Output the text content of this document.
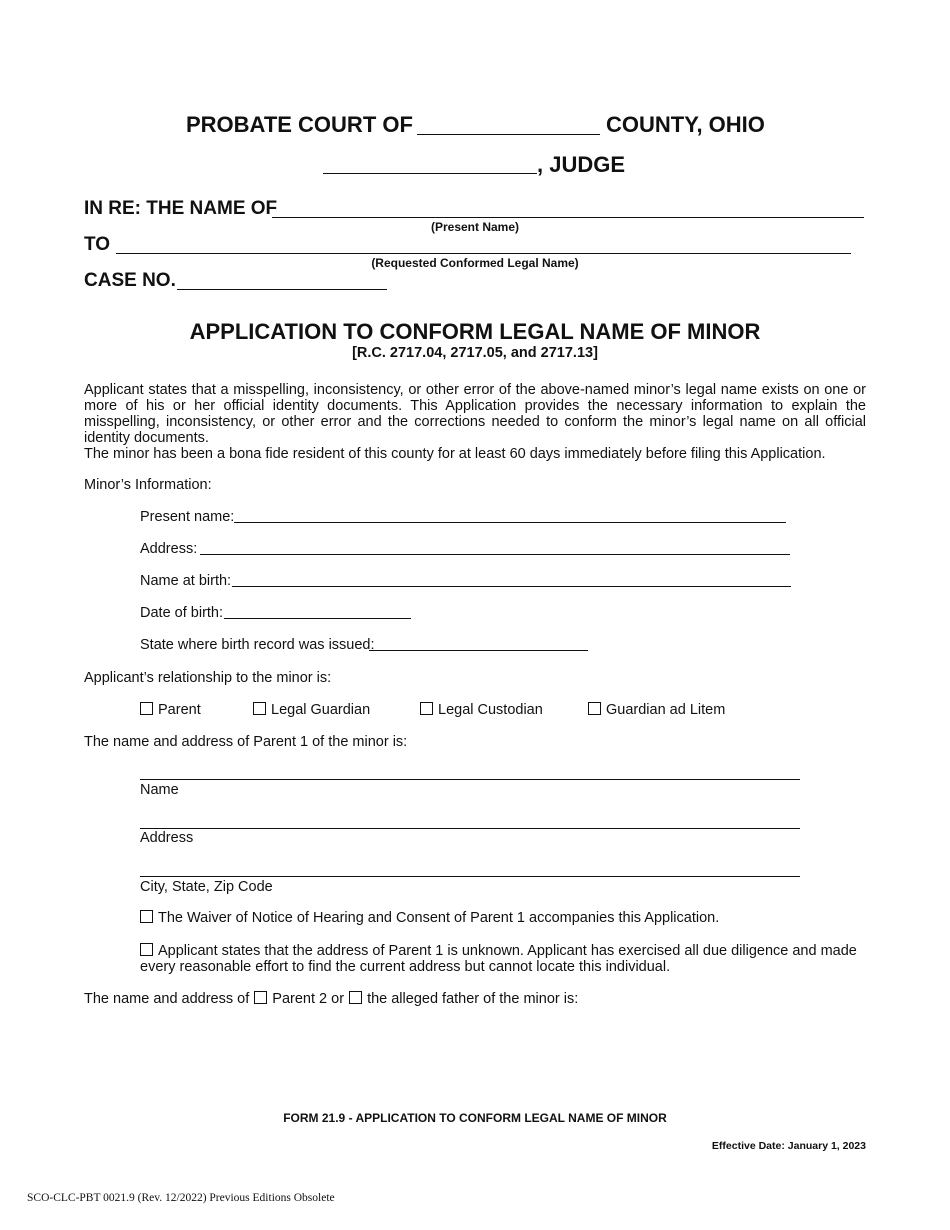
PROBATE COURT OF	COUNTY, OHIO
, JUDGE
IN RE: THE NAME OF
(Present Name)
TO
(Requested Conformed Legal Name)
CASE NO.
APPLICATION TO CONFORM LEGAL NAME OF MINOR
[R.C. 2717.04, 2717.05, and 2717.13]
Applicant states that a misspelling, inconsistency, or other error of the above-named minor’s legal name exists on one or more of his or her official identity documents. This Application provides the necessary information to explain the misspelling, inconsistency, or other error and the corrections needed to conform the minor’s legal name on all official identity documents.
The minor has been a bona fide resident of this county for at least 60 days immediately before filing this Application.
Minor’s Information:
Present name:
Address:
Name at birth:
Date of birth:
State where birth record was issued:
Applicant’s relationship to the minor is:
Parent	Legal Guardian	Legal Custodian	Guardian ad Litem
The name and address of Parent 1 of the minor is:
Name
Address
City, State, Zip Code
The Waiver of Notice of Hearing and Consent of Parent 1 accompanies this Application.
Applicant states that the address of Parent 1 is unknown. Applicant has exercised all due diligence and made every reasonable effort to find the current address but cannot locate this individual.
The name and address of Parent 2 or the alleged father of the minor is:
FORM 21.9 - APPLICATION TO CONFORM LEGAL NAME OF MINOR
Effective Date: January 1, 2023
SCO-CLC-PBT 0021.9 (Rev. 12/2022) Previous Editions Obsolete
